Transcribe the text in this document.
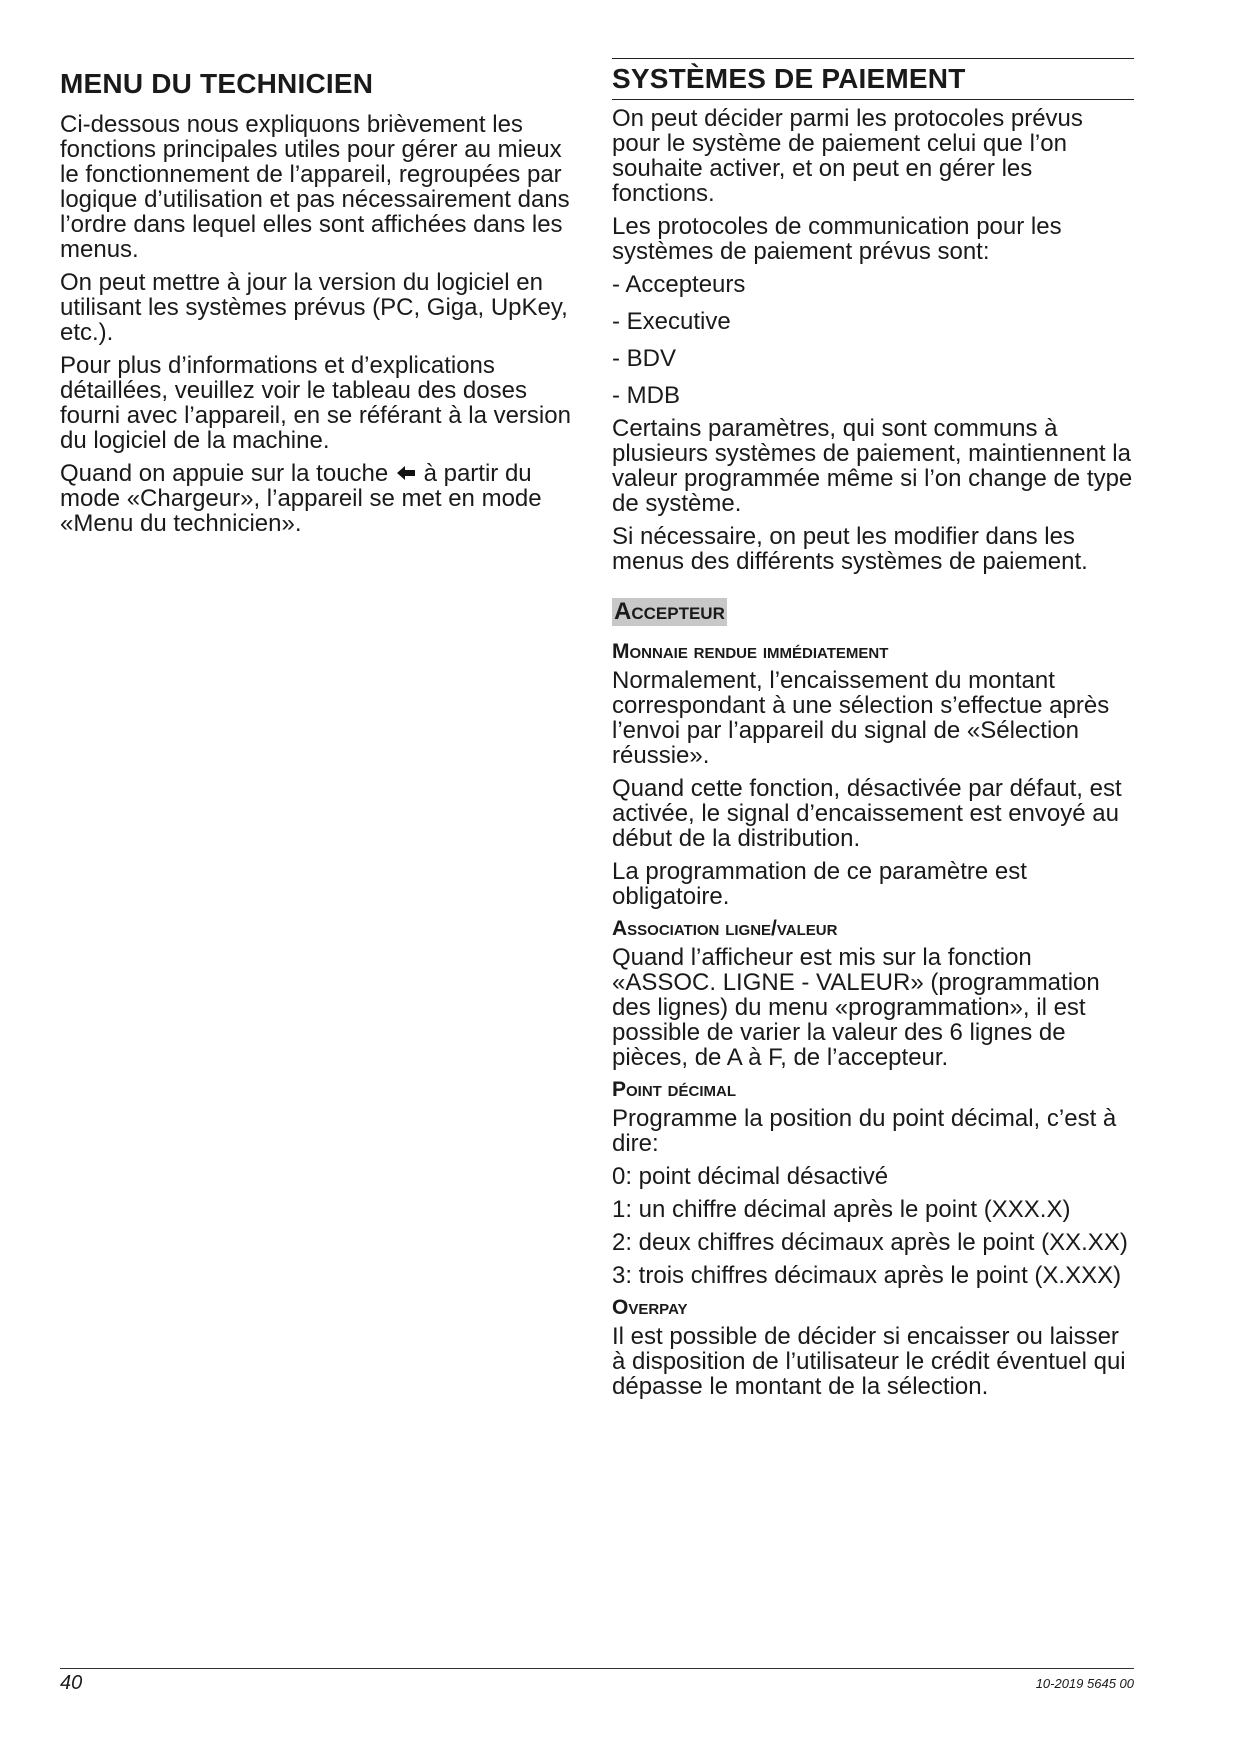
MENU DU TECHNICIEN

Ci-dessous nous expliquons brièvement les fonctions principales utiles pour gérer au mieux le fonctionnement de l’appareil, regroupées par logique d’utilisation et pas nécessairement dans l’ordre dans lequel elles sont affichées dans les menus.

On peut mettre à jour la version du logiciel en utilisant les systèmes prévus (PC, Giga, UpKey, etc.).

Pour plus d’informations et d’explications détaillées, veuillez voir le tableau des doses fourni avec l’appareil, en se référant à la version du logiciel de la machine.

Quand on appuie sur la touche à partir du mode «Chargeur», l’appareil se met en mode «Menu du technicien».

SYSTÈMES DE PAIEMENT

On peut décider parmi les protocoles prévus pour le système de paiement celui que l’on souhaite activer, et on peut en gérer les fonctions.

Les protocoles de communication pour les systèmes de paiement prévus sont:

- Accepteurs
- Executive
- BDV
- MDB

Certains paramètres, qui sont communs à plusieurs systèmes de paiement, maintiennent la valeur programmée même si l’on change de type de système.

Si nécessaire, on peut les modifier dans les menus des différents systèmes de paiement.

Accepteur
Monnaie rendue immédiatement

Normalement, l’encaissement du montant correspondant à une sélection s’effectue après l’envoi par l’appareil du signal de «Sélection réussie».

Quand cette fonction, désactivée par défaut, est activée, le signal d’encaissement est envoyé au début de la distribution.

La programmation de ce paramètre est obligatoire.

Association ligne/valeur

Quand l’afficheur est mis sur la fonction «ASSOC. LIGNE - VALEUR» (programmation des lignes) du menu «programmation», il est possible de varier la valeur des 6 lignes de pièces, de A à F, de l’accepteur.

Point décimal

Programme la position du point décimal, c’est à dire:

0: point décimal désactivé

1: un chiffre décimal après le point (XXX.X)

2: deux chiffres décimaux après le point (XX.XX)

3: trois chiffres décimaux après le point (X.XXX)

Overpay

Il est possible de décider si encaisser ou laisser à disposition de l’utilisateur le crédit éventuel qui dépasse le montant de la sélection.

40	10-2019 5645 00
